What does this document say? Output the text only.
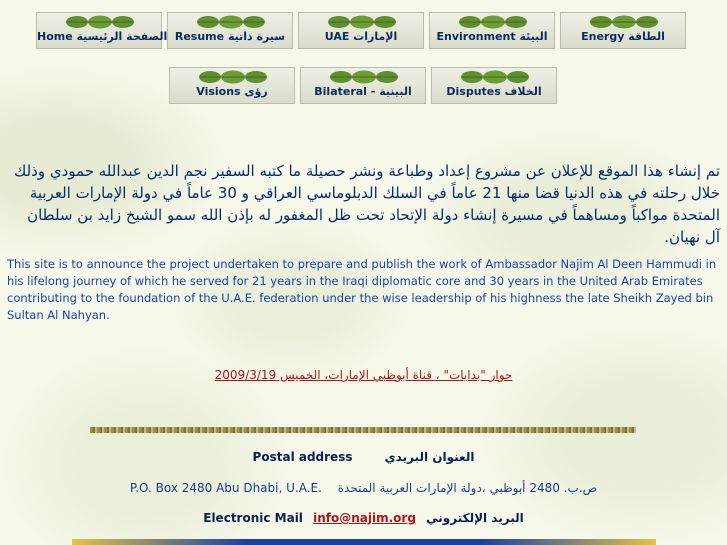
Home الصفحة الرئيسية Resume سيرة ذاتية	UAE الإمارات	Environment البيئة	Energy الطاقة
Visions رؤى	Bilateral - البينية	Disputes الخلاف
تم إنشاء هذا الموقع للإعلان عن مشروع إعداد وطباعة ونشر حصيلة ما كتبه السفير نجم الدين عبدالله حمودي وذلك خلال رحلته في هذه الدنيا قضا منها 21 عاماً في السلك الدبلوماسي العراقي و 30 عاماً في دولة الإمارات العربية المتحدة مواكباً ومساهماً في مسيرة إنشاء دولة الإتحاد تحت ظل المغفور له بإذن الله سمو الشيخ زايد بن سلطان آل نهيان.
This site is to announce the project undertaken to prepare and publish the work of Ambassador Najim Al Deen Hammudi in his lifelong journey of which he served for 21 years in the Iraqi diplomatic core and 30 years in the United Arab Emirates contributing to the foundation of the U.A.E. federation under the wise leadership of his highness the late Sheikh Zayed bin Sultan Al Nahyan.
حوار "بدايات" ، قناة أبوظبي الإمارات، الخميس 2009/3/19
Postal address	العنوان البريدي
P.O. Box 2480 Abu Dhabi, U.A.E. ص.ب. 2480 أبوظبي ،دولة الإمارات العربية المتحدة
Electronic Mail info@najim.org البريد الإلكتروني
